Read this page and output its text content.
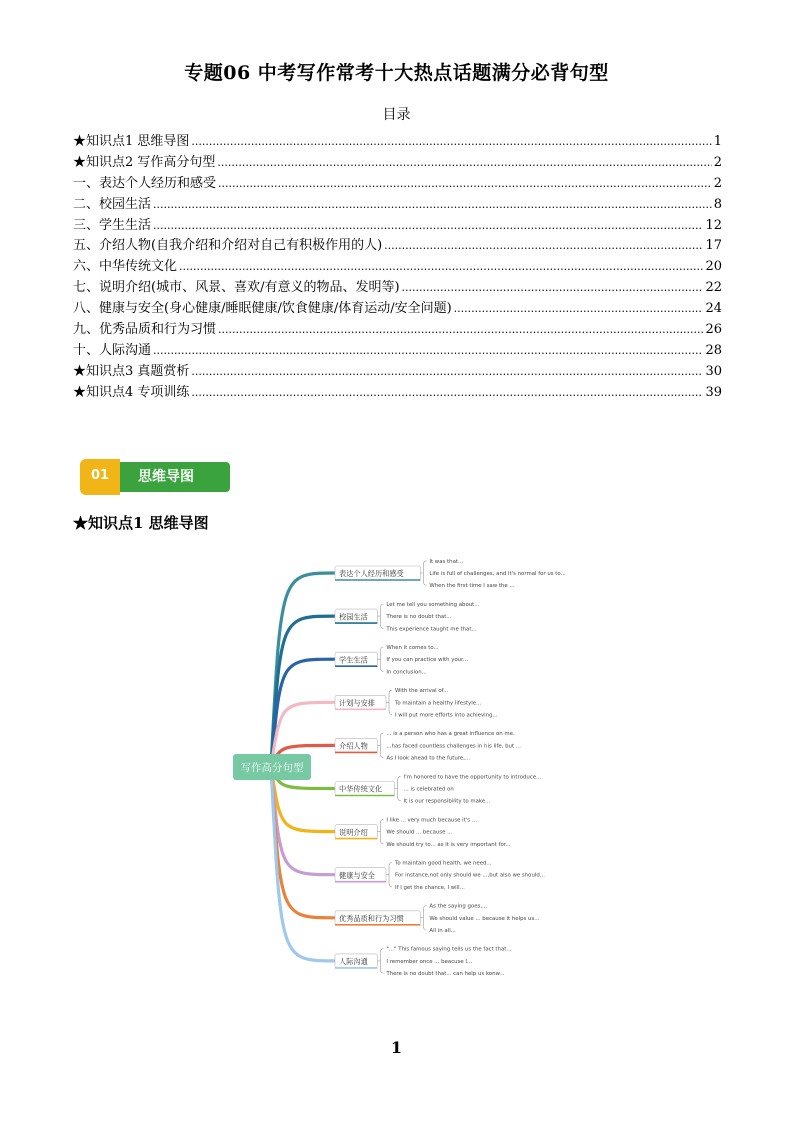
专题06 中考写作常考十大热点话题满分必背句型
目录
★知识点1 思维导图 .....	1
★知识点2 写作高分句型 .....	2
一、表达个人经历和感受 .....	2
二、校园生活 .....	8
三、学生生活 .....	12
五、介绍人物(自我介绍和介绍对自己有积极作用的人) .....	17
六、中华传统文化 .....	20
七、说明介绍(城市、风景、喜欢/有意义的物品、发明等) .....	22
八、健康与安全(身心健康/睡眠健康/饮食健康/体育运动/安全问题) .....	24
九、优秀品质和行为习惯 .....	26
十、人际沟通 .....	28
★知识点3 真题赏析 .....	30
★知识点4 专项训练 .....	39
思维导图
01
★知识点1 思维导图
表达个人经历和感受
It was that...
Life is full of challenges, and it's normal for us to...
When the first time I saw the ...
校园生活
Let me tell you something about...
There is no doubt that...
This experience taught me that...
学生生活
When it comes to...
If you can practice with your...
In conclusion...
计划与安排
With the arrival of...
To maintain a healthy lifestyle...
I will put more efforts into achieving...
介绍人物
... is a person who has a great influence on me.
...has faced countless challenges in his life, but ...
As I look ahead to the future,...
中华传统文化
I'm honored to have the opportunity to introduce...
... is celebrated on
It is our responsibility to make...
说明介绍
I like ... very much because it's ...
We should ... because ...
We should try to... as it is very important for...
健康与安全
To maintain good health, we need...
For instance,not only should we ...,but also we should...
If I get the chance, I will...
优秀品质和行为习惯
As the saying goes,...
We should value ... because it helps us...
All in all...
人际沟通
"..." This famous saying tells us the fact that...
I remember once ... beacuse I...
There is no doubt that... can help us konw...
写作高分句型
1
